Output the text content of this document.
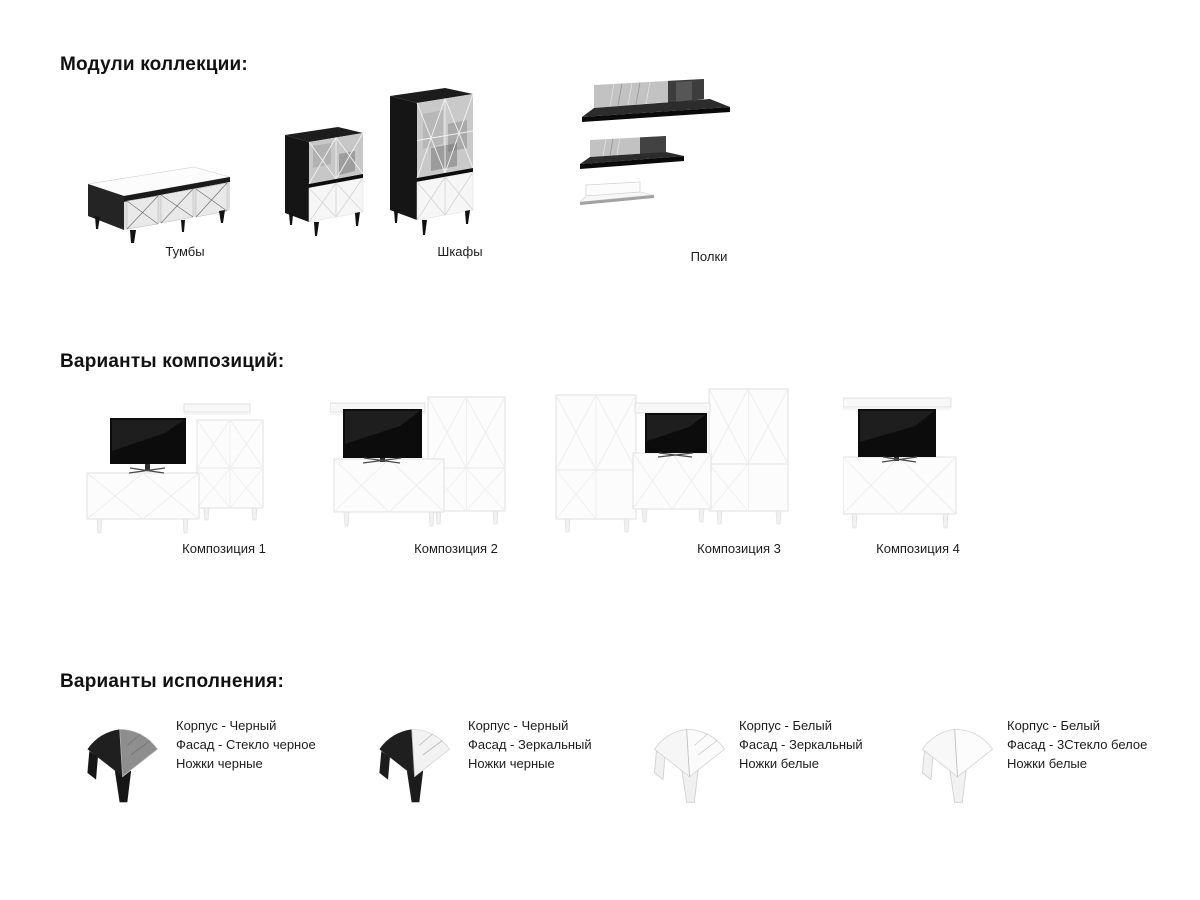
Модули коллекции:
Тумбы	Шкафы	Полки
Варианты композиций:
Композиция 1	Композиция 2	Композиция 3	Композиция 4
Варианты исполнения:
Корпус - Черный
Фасад - Стекло черное
Ножки черные
Корпус - Черный
Фасад - Зеркальный
Ножки черные
Корпус - Белый
Фасад - Зеркальный
Ножки белые
Корпус - Белый
Фасад - 3Стекло белое
Ножки белые
